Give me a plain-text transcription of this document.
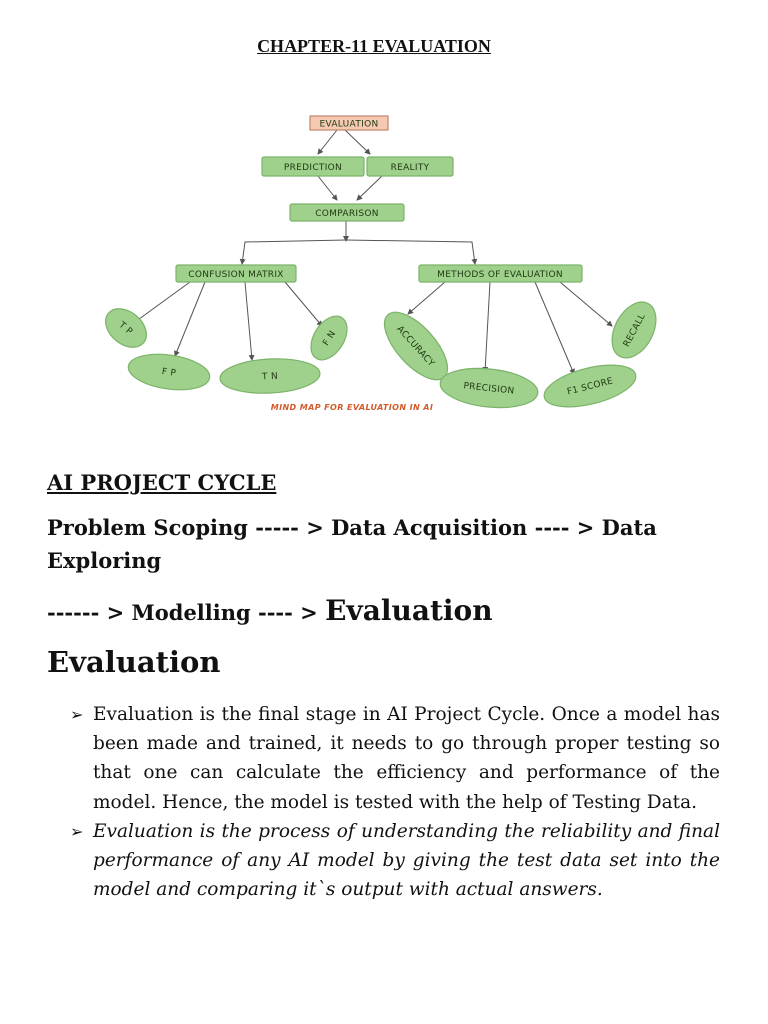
CHAPTER-11 EVALUATION
EVALUATION
PREDICTION	REALITY
COMPARISON
CONFUSION MATRIX	METHODS OF EVALUATION
T P
F P	T N
F N	ACCURACY
PRECISION	F1 SCORE
RECALL
MIND MAP FOR EVALUATION IN AI
AI PROJECT CYCLE
Problem Scoping ----- > Data Acquisition ---- > Data Exploring
------ > Modelling ---- > Evaluation
Evaluation
➢ Evaluation is the final stage in AI Project Cycle. Once a model has been made and trained, it needs to go through proper testing so that one can calculate the efficiency and performance of the model. Hence, the model is tested with the help of Testing Data.
➢ Evaluation is the process of understanding the reliability and final performance of any AI model by giving the test data set into the model and comparing it`s output with actual answers.
